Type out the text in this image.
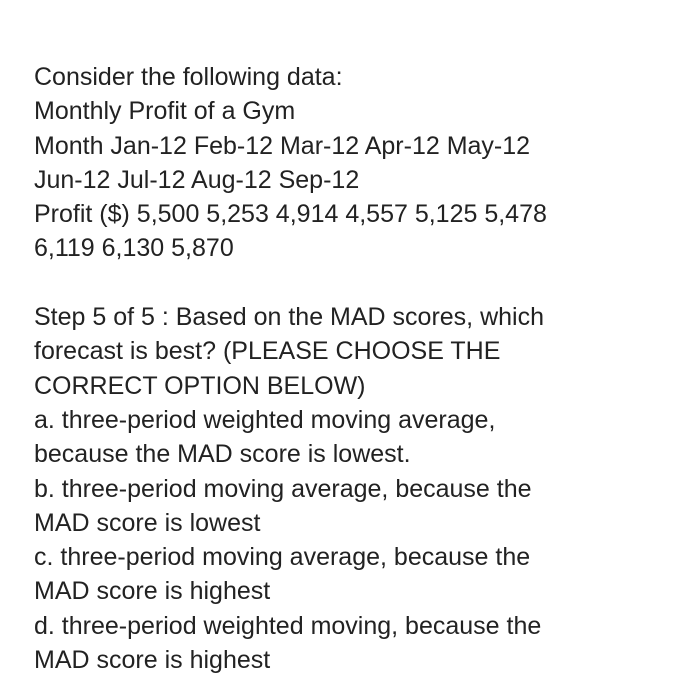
Consider the following data:
Monthly Profit of a Gym
Month Jan-12 Feb-12 Mar-12 Apr-12 May-12
Jun-12 Jul-12 Aug-12 Sep-12
Profit ($) 5,500 5,253 4,914 4,557 5,125 5,478
6,119 6,130 5,870
Step 5 of 5 : Based on the MAD scores, which
forecast is best? (PLEASE CHOOSE THE
CORRECT OPTION BELOW)
a. three-period weighted moving average,
because the MAD score is lowest.
b. three-period moving average, because the
MAD score is lowest
c. three-period moving average, because the
MAD score is highest
d. three-period weighted moving, because the
MAD score is highest
